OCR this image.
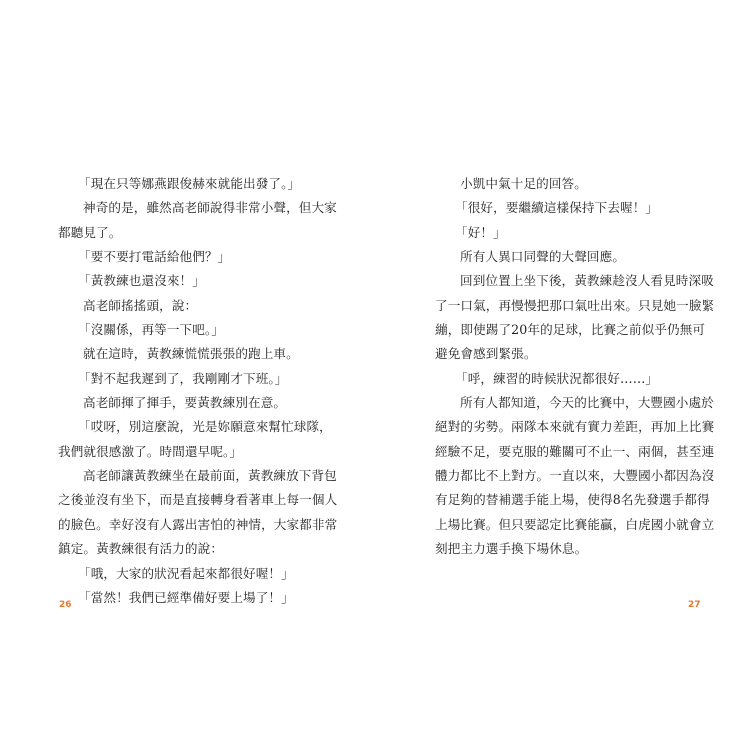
「現在只等娜燕跟俊赫來就能出發了。」
神奇的是，雖然高老師說得非常小聲，但大家
都聽見了。
「要不要打電話給他們？」
「黃教練也還沒來！」
高老師搖搖頭，說：
「沒關係，再等一下吧。」
就在這時，黃教練慌慌張張的跑上車。
「對不起我遲到了，我剛剛才下班。」
高老師揮了揮手，要黃教練別在意。
「哎呀，別這麼說，光是妳願意來幫忙球隊，
我們就很感激了。時間還早呢。」
高老師讓黃教練坐在最前面，黃教練放下背包
之後並沒有坐下，而是直接轉身看著車上每一個人
的臉色。幸好沒有人露出害怕的神情，大家都非常
鎮定。黃教練很有活力的說：
「哦，大家的狀況看起來都很好喔！」
「當然！我們已經準備好要上場了！」
26
小凱中氣十足的回答。
「很好，要繼續這樣保持下去喔！」
「好！」
所有人異口同聲的大聲回應。
回到位置上坐下後，黃教練趁沒人看見時深吸
了一口氣，再慢慢把那口氣吐出來。只見她一臉緊
繃，即使踢了20年的足球，比賽之前似乎仍無可
避免會感到緊張。
「呼，練習的時候狀況都很好……」
所有人都知道，今天的比賽中，大豐國小處於
絕對的劣勢。兩隊本來就有實力差距，再加上比賽
經驗不足，要克服的難關可不止一、兩個，甚至連
體力都比不上對方。一直以來，大豐國小都因為沒
有足夠的替補選手能上場，使得8名先發選手都得
上場比賽。但只要認定比賽能贏，白虎國小就會立
刻把主力選手換下場休息。
27
